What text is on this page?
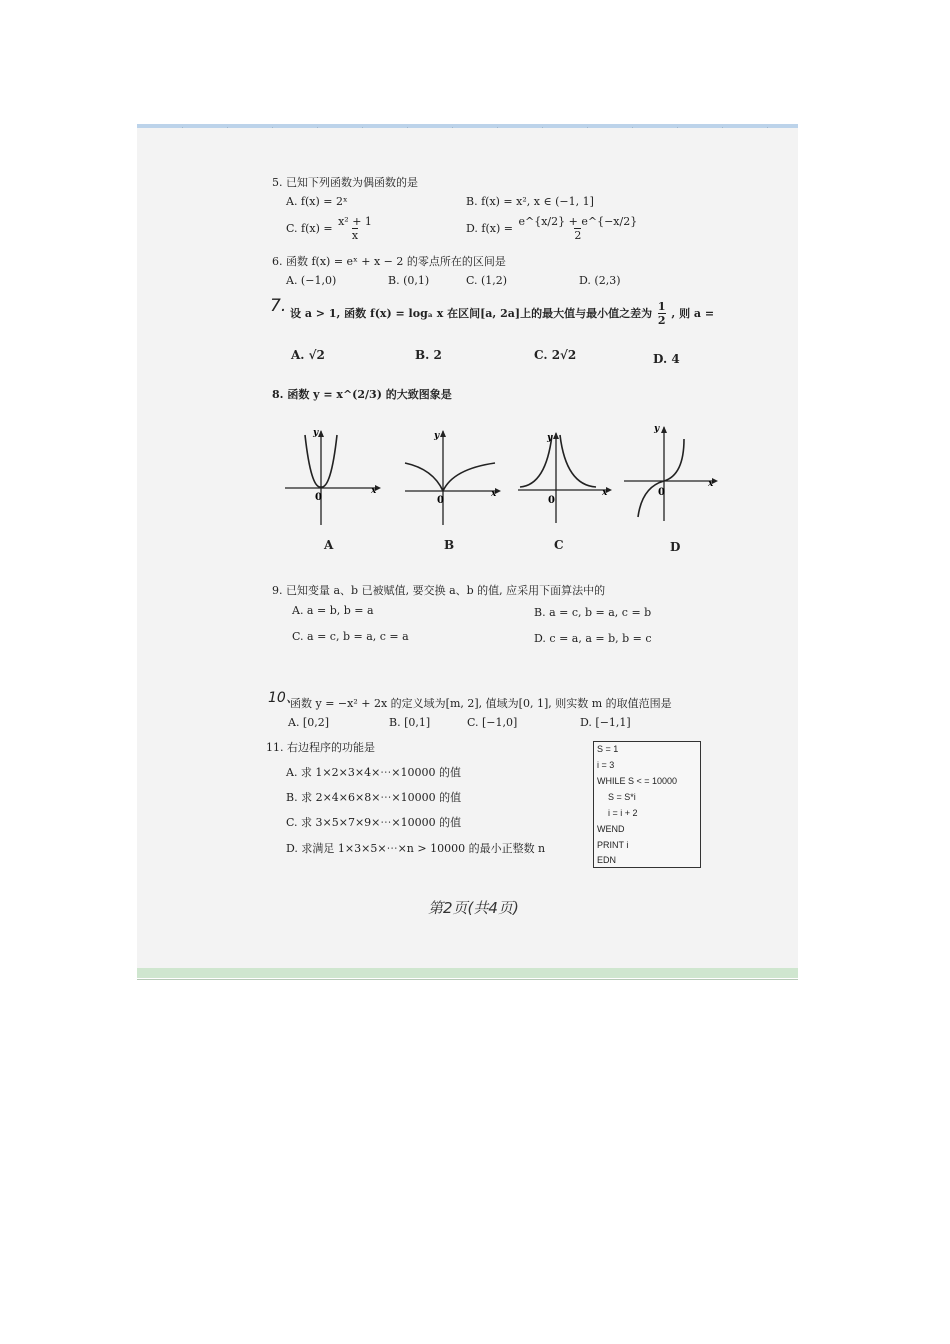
5. 已知下列函数为偶函数的是
A. f(x) = 2ˣ	B. f(x) = x², x ∈ (−1, 1]
C. $f(x) = \frac{\text{x² + 1}}{x}$	D. $f(x) = \frac{e\^{}\{x/2\} + e\^{}\{-x/2\}}{2}$
6. 函数 f(x) = eˣ + x − 2 的零点所在的区间是
A. (−1,0)	B. (0,1)	C. (1,2)	D. (2,3)
7. 设 a > 1, 函数 f(x) = logₐ x 在区间[a, 2a]上的最大值与最小值之差为 $\frac{1}{2}$ , 则 a =
A. √2	B. 2	C. 2√2	D. 4
8. 函数 y = x^(2/3) 的大致图象是
y
x
0
A
y
x
0
B
y
x
0
C
y
x
0
D
9. 已知变量 a、b 已被赋值, 要交换 a、b 的值, 应采用下面算法中的
A. a = b, b = a	B. a = c, b = a, c = b
C. a = c, b = a, c = a	D. c = a, a = b, b = c
10、
函数 y = −x² + 2x 的定义域为[m, 2], 值域为[0, 1], 则实数 m 的取值范围是
A. [0,2]	B. [0,1]	C. [−1,0]	D. [−1,1]
11. 右边程序的功能是
A. 求 1×2×3×4×⋯×10000 的值
B. 求 2×4×6×8×⋯×10000 的值
C. 求 3×5×7×9×⋯×10000 的值
D. 求满足 1×3×5×⋯×n > 10000 的最小正整数 n
S = 1
i = 3
WHILE S < = 10000
S = S*i
i = i + 2
WEND
PRINT i
EDN
第2页(共4页)
